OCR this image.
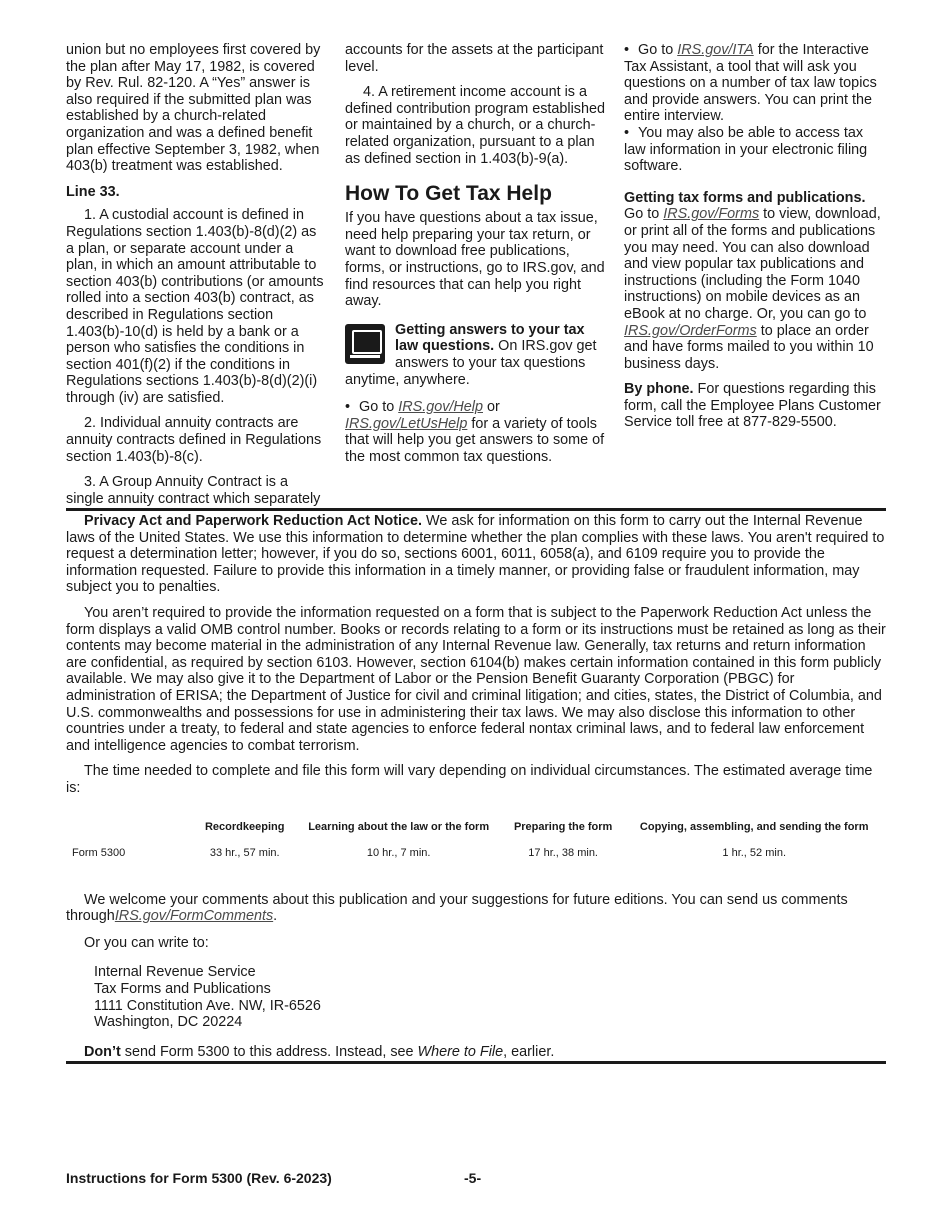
union but no employees first covered by the plan after May 17, 1982, is covered by Rev. Rul. 82-120. A “Yes” answer is also required if the submitted plan was established by a church-related organization and was a defined benefit plan effective September 3, 1982, when 403(b) treatment was established.

Line 33.

1. A custodial account is defined in Regulations section 1.403(b)-8(d)(2) as a plan, or separate account under a plan, in which an amount attributable to section 403(b) contributions (or amounts rolled into a section 403(b) contract, as described in Regulations section 1.403(b)-10(d) is held by a bank or a person who satisfies the conditions in section 401(f)(2) if the conditions in Regulations sections 1.403(b)-8(d)(2)(i) through (iv) are satisfied.

2. Individual annuity contracts are annuity contracts defined in Regulations section 1.403(b)-8(c).

3. A Group Annuity Contract is a single annuity contract which separately

accounts for the assets at the participant level.

4. A retirement income account is a defined contribution program established or maintained by a church, or a church-related organization, pursuant to a plan as defined section in 1.403(b)-9(a).

How To Get Tax Help

If you have questions about a tax issue, need help preparing your tax return, or want to download free publications, forms, or instructions, go to IRS.gov, and find resources that can help you right away.

Getting answers to your tax law questions. On IRS.gov get answers to your tax questions anytime, anywhere.

• Go to IRS.gov/Help or IRS.gov/LetUsHelp for a variety of tools that will help you get answers to some of the most common tax questions.

• Go to IRS.gov/ITA for the Interactive Tax Assistant, a tool that will ask you questions on a number of tax law topics and provide answers. You can print the entire interview.

• You may also be able to access tax law information in your electronic filing software.

Getting tax forms and publications.

Go to IRS.gov/Forms to view, download, or print all of the forms and publications you may need. You can also download and view popular tax publications and instructions (including the Form 1040 instructions) on mobile devices as an eBook at no charge. Or, you can go to IRS.gov/OrderForms to place an order and have forms mailed to you within 10 business days.

By phone. For questions regarding this form, call the Employee Plans Customer Service toll free at 877-829-5500.

Privacy Act and Paperwork Reduction Act Notice. We ask for information on this form to carry out the Internal Revenue laws of the United States. We use this information to determine whether the plan complies with these laws. You aren't required to request a determination letter; however, if you do so, sections 6001, 6011, 6058(a), and 6109 require you to provide the information requested. Failure to provide this information in a timely manner, or providing false or fraudulent information, may subject you to penalties.

You aren’t required to provide the information requested on a form that is subject to the Paperwork Reduction Act unless the form displays a valid OMB control number. Books or records relating to a form or its instructions must be retained as long as their contents may become material in the administration of any Internal Revenue law. Generally, tax returns and return information are confidential, as required by section 6103. However, section 6104(b) makes certain information contained in this form publicly available. We may also give it to the Department of Labor or the Pension Benefit Guaranty Corporation (PBGC) for administration of ERISA; the Department of Justice for civil and criminal litigation; and cities, states, the District of Columbia, and U.S. commonwealths and possessions for use in administering their tax laws. We may also disclose this information to other countries under a treaty, to federal and state agencies to enforce federal nontax criminal laws, and to federal law enforcement and intelligence agencies to combat terrorism.

The time needed to complete and file this form will vary depending on individual circumstances. The estimated average time is:

	Recordkeeping	Learning about the law or the form	Preparing the form	Copying, assembling, and sending the form
Form 5300	33 hr., 57 min.	10 hr., 7 min.	17 hr., 38 min.	1 hr., 52 min.

We welcome your comments about this publication and your suggestions for future editions. You can send us comments throughIRS.gov/FormComments.

Or you can write to:

Internal Revenue Service

Tax Forms and Publications

1111 Constitution Ave. NW, IR-6526

Washington, DC 20224

Don’t send Form 5300 to this address. Instead, see Where to File, earlier.

Instructions for Form 5300 (Rev. 6-2023)	-5-
